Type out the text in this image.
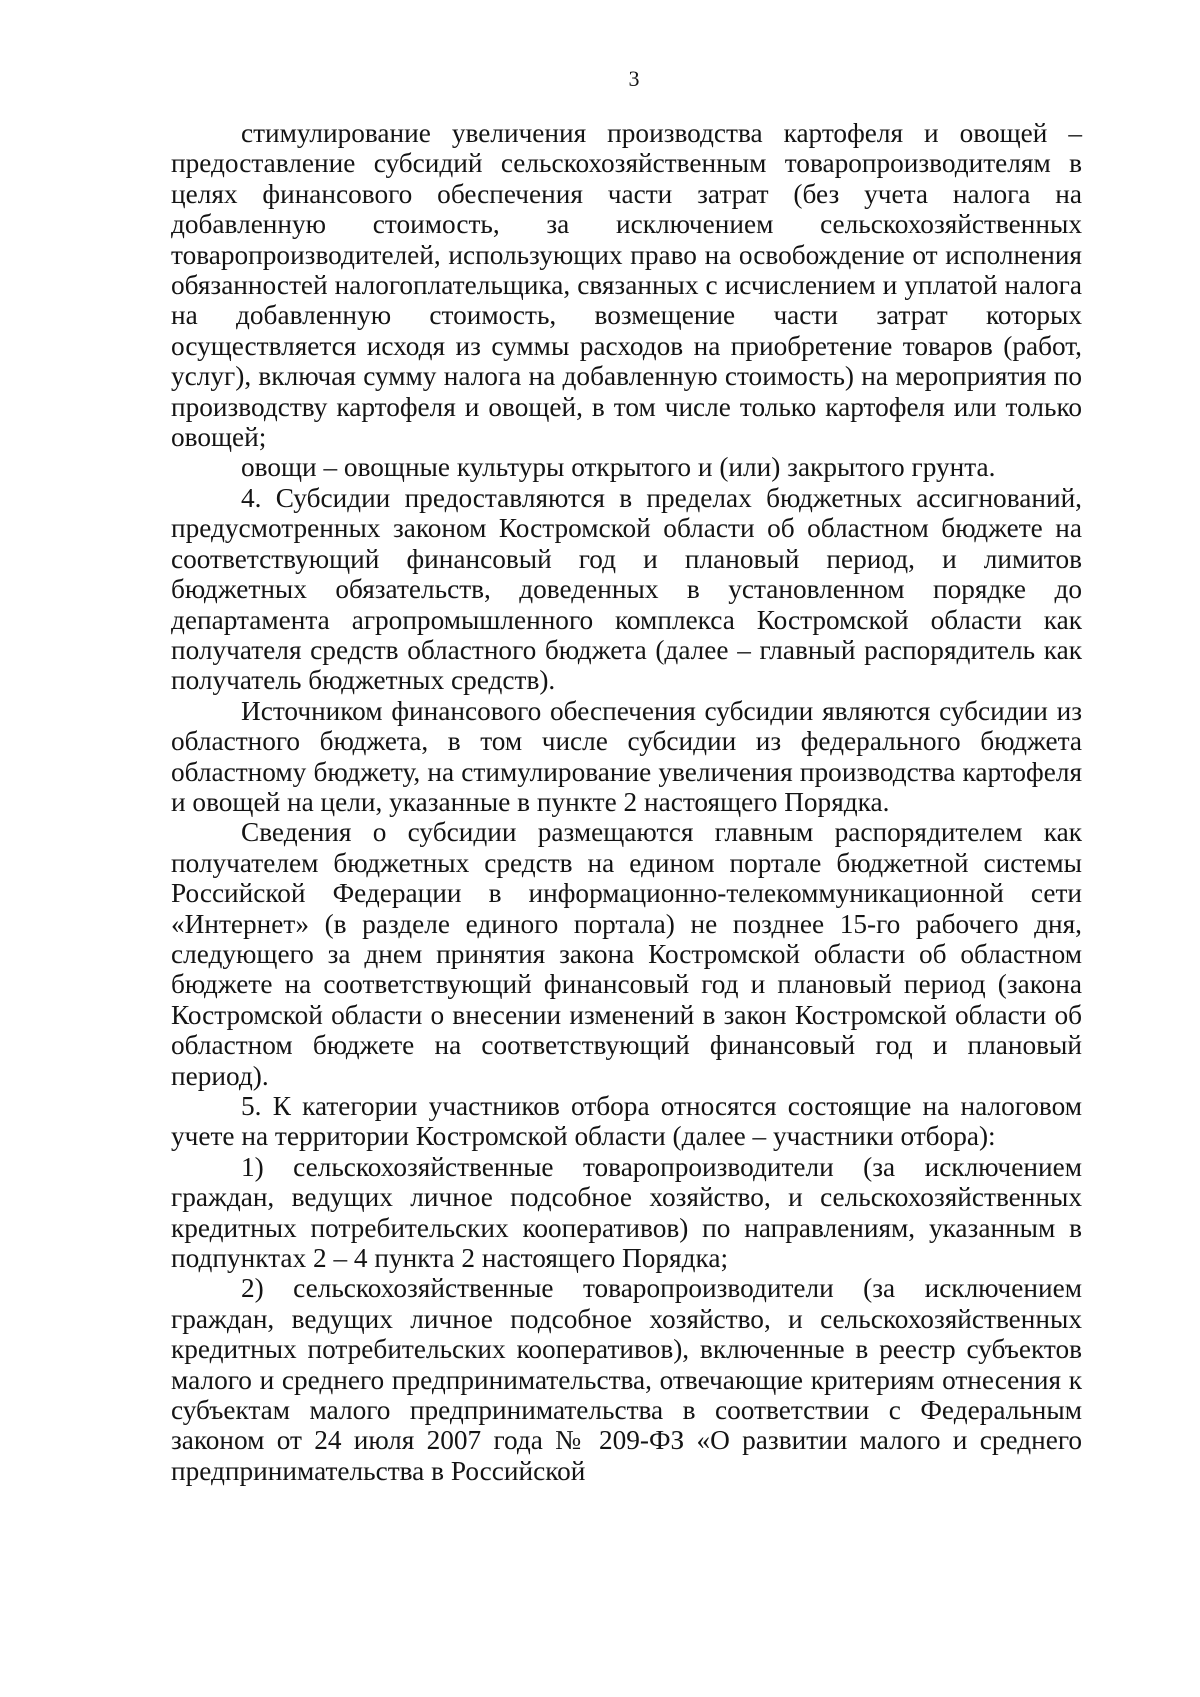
3

стимулирование увеличения производства картофеля и овощей – предоставление субсидий сельскохозяйственным товаропроизводителям в целях финансового обеспечения части затрат (без учета налога на добавленную стоимость, за исключением сельскохозяйственных товаропроизводителей, использующих право на освобождение от исполнения обязанностей налогоплательщика, связанных с исчислением и уплатой налога на добавленную стоимость, возмещение части затрат которых осуществляется исходя из суммы расходов на приобретение товаров (работ, услуг), включая сумму налога на добавленную стоимость) на мероприятия по производству картофеля и овощей, в том числе только картофеля или только овощей;

овощи – овощные культуры открытого и (или) закрытого грунта.

4. Субсидии предоставляются в пределах бюджетных ассигнований, предусмотренных законом Костромской области об областном бюджете на соответствующий финансовый год и плановый период, и лимитов бюджетных обязательств, доведенных в установленном порядке до департамента агропромышленного комплекса Костромской области как получателя средств областного бюджета (далее – главный распорядитель как получатель бюджетных средств).

Источником финансового обеспечения субсидии являются субсидии из областного бюджета, в том числе субсидии из федерального бюджета областному бюджету, на стимулирование увеличения производства картофеля и овощей на цели, указанные в пункте 2 настоящего Порядка.

Сведения о субсидии размещаются главным распорядителем как получателем бюджетных средств на едином портале бюджетной системы Российской Федерации в информационно-телекоммуникационной сети «Интернет» (в разделе единого портала) не позднее 15-го рабочего дня, следующего за днем принятия закона Костромской области об областном бюджете на соответствующий финансовый год и плановый период (закона Костромской области о внесении изменений в закон Костромской области об областном бюджете на соответствующий финансовый год и плановый период).

5. К категории участников отбора относятся состоящие на налоговом учете на территории Костромской области (далее – участники отбора):

1) сельскохозяйственные товаропроизводители (за исключением граждан, ведущих личное подсобное хозяйство, и сельскохозяйственных кредитных потребительских кооперативов) по направлениям, указанным в подпунктах 2 – 4 пункта 2 настоящего Порядка;

2) сельскохозяйственные товаропроизводители (за исключением граждан, ведущих личное подсобное хозяйство, и сельскохозяйственных кредитных потребительских кооперативов), включенные в реестр субъектов малого и среднего предпринимательства, отвечающие критериям отнесения к субъектам малого предпринимательства в соответствии с Федеральным законом от 24 июля 2007 года № 209-ФЗ «О развитии малого и среднего предпринимательства в Российской
